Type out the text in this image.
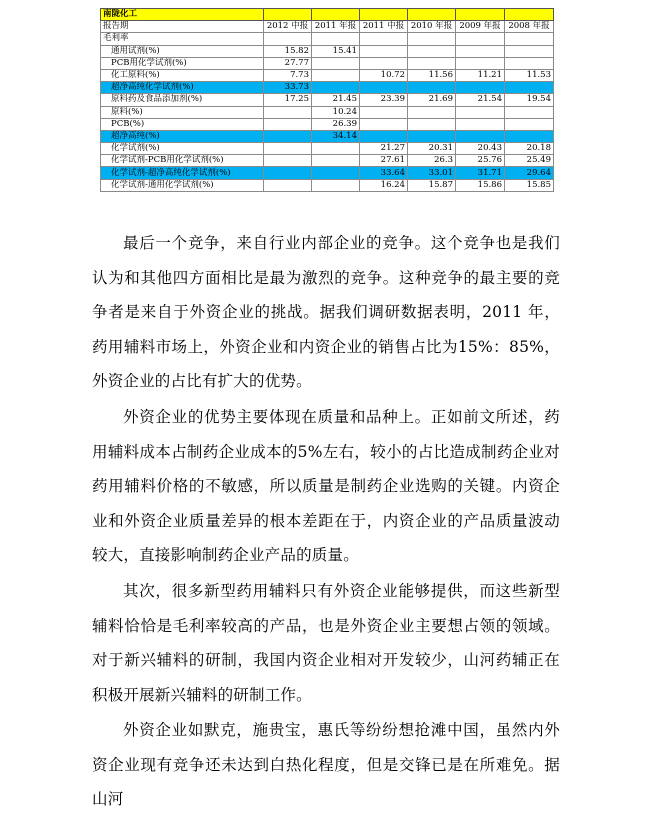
南陇化工						
报告期	2012 中报	2011 年报	2011 中报	2010 年报	2009 年报	2008 年报
毛利率						
通用试剂(%)	15.82	15.41				
PCB用化学试剂(%)	27.77					
化工原料(%)	7.73		10.72	11.56	11.21	11.53
超净高纯化学试剂(%)	33.73					
原料药及食品添加剂(%)	17.25	21.45	23.39	21.69	21.54	19.54
原料(%)		10.24				
PCB(%)		26.39				
超净高纯(%)		34.14				
化学试剂(%)			21.27	20.31	20.43	20.18
化学试剂-PCB用化学试剂(%)			27.61	26.3	25.76	25.49
化学试剂-超净高纯化学试剂(%)			33.64	33.01	31.71	29.64
化学试剂-通用化学试剂(%)			16.24	15.87	15.86	15.85

最后一个竞争，来自行业内部企业的竞争。这个竞争也是我们认为和其他四方面相比是最为激烈的竞争。这种竞争的最主要的竞争者是来自于外资企业的挑战。据我们调研数据表明，2011 年，药用辅料市场上，外资企业和内资企业的销售占比为15%：85%，外资企业的占比有扩大的优势。

外资企业的优势主要体现在质量和品种上。正如前文所述，药用辅料成本占制药企业成本的5%左右，较小的占比造成制药企业对药用辅料价格的不敏感，所以质量是制药企业选购的关键。内资企业和外资企业质量差异的根本差距在于，内资企业的产品质量波动较大，直接影响制药企业产品的质量。

其次，很多新型药用辅料只有外资企业能够提供，而这些新型辅料恰恰是毛利率较高的产品，也是外资企业主要想占领的领域。对于新兴辅料的研制，我国内资企业相对开发较少，山河药辅正在积极开展新兴辅料的研制工作。

外资企业如默克，施贵宝，惠氏等纷纷想抢滩中国，虽然内外资企业现有竞争还未达到白热化程度，但是交锋已是在所难免。据山河
